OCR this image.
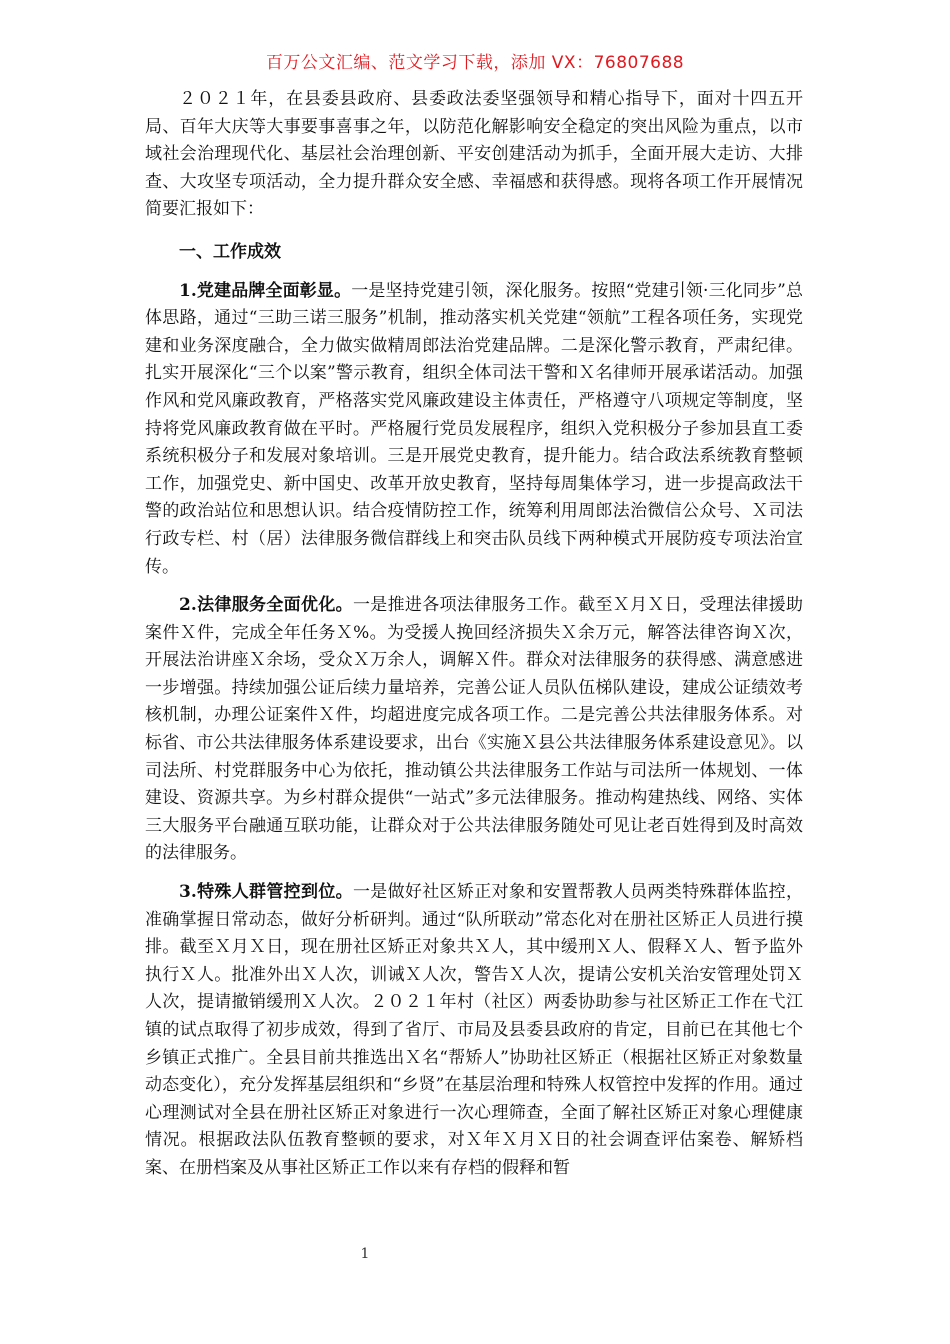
百万公文汇编、范文学习下载，添加 VX：76807688

２０２１年，在县委县政府、县委政法委坚强领导和精心指导下，面对十四五开局、百年大庆等大事要事喜事之年，以防范化解影响安全稳定的突出风险为重点，以市域社会治理现代化、基层社会治理创新、平安创建活动为抓手，全面开展大走访、大排查、大攻坚专项活动，全力提升群众安全感、幸福感和获得感。现将各项工作开展情况简要汇报如下：

一、工作成效

1.党建品牌全面彰显。一是坚持党建引领，深化服务。按照“党建引领·三化同步”总体思路，通过“三助三诺三服务”机制，推动落实机关党建“领航”工程各项任务，实现党建和业务深度融合，全力做实做精周郎法治党建品牌。二是深化警示教育，严肃纪律。扎实开展深化“三个以案”警示教育，组织全体司法干警和Ｘ名律师开展承诺活动。加强作风和党风廉政教育，严格落实党风廉政建设主体责任，严格遵守八项规定等制度，坚持将党风廉政教育做在平时。严格履行党员发展程序，组织入党积极分子参加县直工委系统积极分子和发展对象培训。三是开展党史教育，提升能力。结合政法系统教育整顿工作，加强党史、新中国史、改革开放史教育，坚持每周集体学习，进一步提高政法干警的政治站位和思想认识。结合疫情防控工作，统筹利用周郎法治微信公众号、Ｘ司法行政专栏、村（居）法律服务微信群线上和突击队员线下两种模式开展防疫专项法治宣传。

2.法律服务全面优化。一是推进各项法律服务工作。截至Ｘ月Ｘ日，受理法律援助案件Ｘ件，完成全年任务Ｘ%。为受援人挽回经济损失Ｘ余万元，解答法律咨询Ｘ次，开展法治讲座Ｘ余场，受众Ｘ万余人，调解Ｘ件。群众对法律服务的获得感、满意感进一步增强。持续加强公证后续力量培养，完善公证人员队伍梯队建设，建成公证绩效考核机制，办理公证案件Ｘ件，均超进度完成各项工作。二是完善公共法律服务体系。对标省、市公共法律服务体系建设要求，出台《实施Ｘ县公共法律服务体系建设意见》。以司法所、村党群服务中心为依托，推动镇公共法律服务工作站与司法所一体规划、一体建设、资源共享。为乡村群众提供“一站式”多元法律服务。推动构建热线、网络、实体三大服务平台融通互联功能，让群众对于公共法律服务随处可见让老百姓得到及时高效的法律服务。

3.特殊人群管控到位。一是做好社区矫正对象和安置帮教人员两类特殊群体监控，准确掌握日常动态，做好分析研判。通过“队所联动”常态化对在册社区矫正人员进行摸排。截至Ｘ月Ｘ日，现在册社区矫正对象共Ｘ人，其中缓刑Ｘ人、假释Ｘ人、暂予监外执行Ｘ人。批准外出Ｘ人次，训诫Ｘ人次，警告Ｘ人次，提请公安机关治安管理处罚Ｘ人次，提请撤销缓刑Ｘ人次。２０２１年村（社区）两委协助参与社区矫正工作在弋江镇的试点取得了初步成效，得到了省厅、市局及县委县政府的肯定，目前已在其他七个乡镇正式推广。全县目前共推选出Ｘ名“帮矫人”协助社区矫正（根据社区矫正对象数量动态变化），充分发挥基层组织和“乡贤”在基层治理和特殊人权管控中发挥的作用。通过心理测试对全县在册社区矫正对象进行一次心理筛查，全面了解社区矫正对象心理健康情况。根据政法队伍教育整顿的要求，对Ｘ年Ｘ月Ｘ日的社会调查评估案卷、解矫档案、在册档案及从事社区矫正工作以来有存档的假释和暂

1
